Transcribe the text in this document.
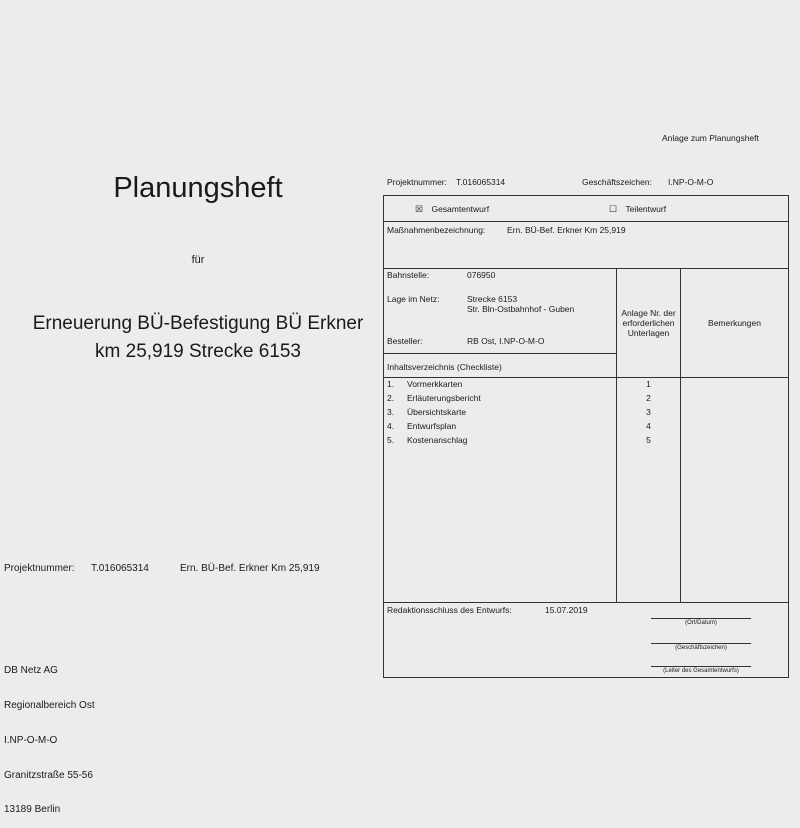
Planungsheft
für
Erneuerung BÜ-Befestigung BÜ Erkner
km 25,919 Strecke 6153
Projektnummer: T.016065314	Ern. BÜ-Bef. Erkner Km 25,919

DB Netz AG

Regionalbereich Ost

I.NP-O-M-O

Granitzstraße 55-56

13189 Berlin

Anlage zum Planungsheft
Projektnummer: T.016065314	Geschäftszeichen: I.NP-O-M-O
☒ Gesamtentwurf	☐ Teilentwurf
Maßnahmenbezeichnung:	Ern. BÜ-Bef. Erkner Km 25,919
Bahnstelle:	076950
Lage im Netz:	Strecke 6153
Str. Bln-Ostbahnhof - Guben
Besteller:	RB Ost, I.NP-O-M-O
Anlage Nr. der
erforderlichen
Unterlagen
Bemerkungen
Inhaltsverzeichnis (Checkliste)
1. Vormerkkarten	1
2. Erläuterungsbericht	2
3. Übersichtskarte	3
4. Entwurfsplan	4
5. Kostenanschlag	5
Redaktionsschluss des Entwurfs:	15.07.2019
(Ort/Datum)
(Geschäftszeichen)
(Leiter des Gesamtentwurfs)
